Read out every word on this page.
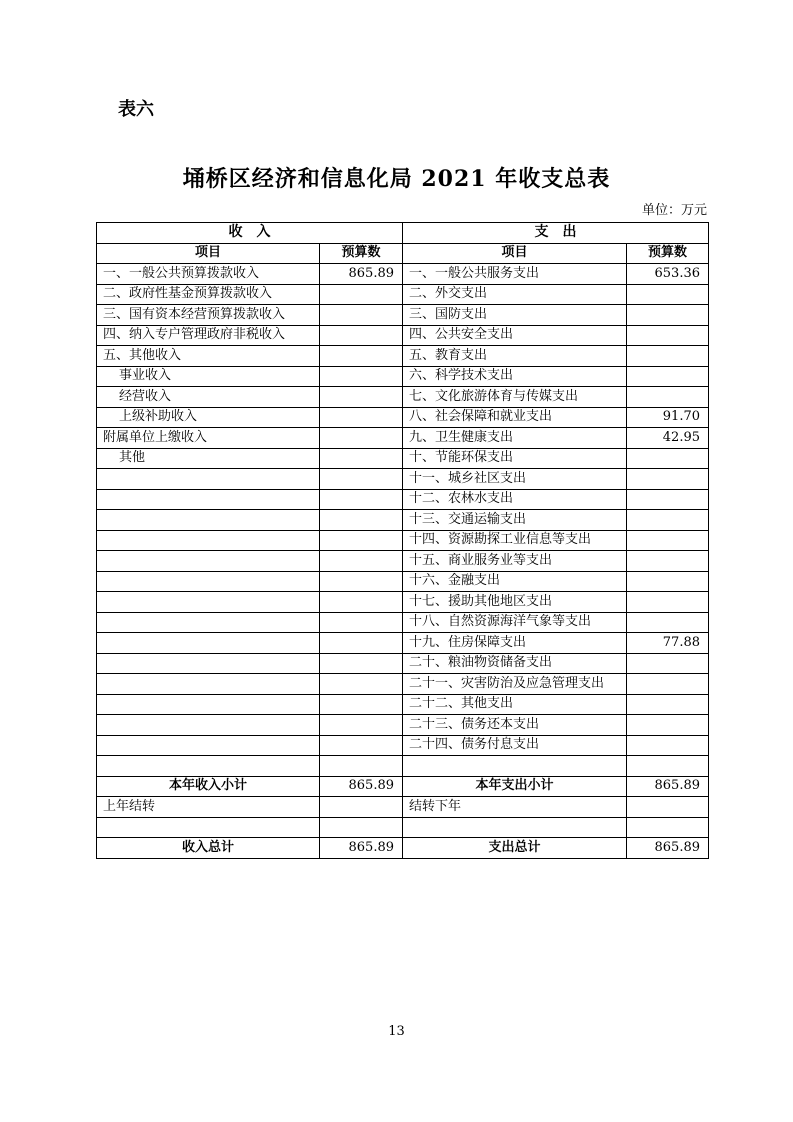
表六
埇桥区经济和信息化局 2021 年收支总表
单位：万元
收　入		支　出	
项目	预算数	项目	预算数
一、一般公共预算拨款收入	865.89	一、一般公共服务支出	653.36
二、政府性基金预算拨款收入		二、外交支出	
三、国有资本经营预算拨款收入		三、国防支出	
四、纳入专户管理政府非税收入		四、公共安全支出	
五、其他收入		五、教育支出	
事业收入		六、科学技术支出	
经营收入		七、文化旅游体育与传媒支出	
上级补助收入		八、社会保障和就业支出	91.70
附属单位上缴收入		九、卫生健康支出	42.95
其他		十、节能环保支出	
		十一、城乡社区支出	
		十二、农林水支出	
		十三、交通运输支出	
		十四、资源勘探工业信息等支出	
		十五、商业服务业等支出	
		十六、金融支出	
		十七、援助其他地区支出	
		十八、自然资源海洋气象等支出	
		十九、住房保障支出	77.88
		二十、粮油物资储备支出	
		二十一、灾害防治及应急管理支出	
		二十二、其他支出	
		二十三、债务还本支出	
		二十四、债务付息支出	

本年收入小计	865.89	本年支出小计	865.89
上年结转		结转下年	

收入总计	865.89	支出总计	865.89
13
